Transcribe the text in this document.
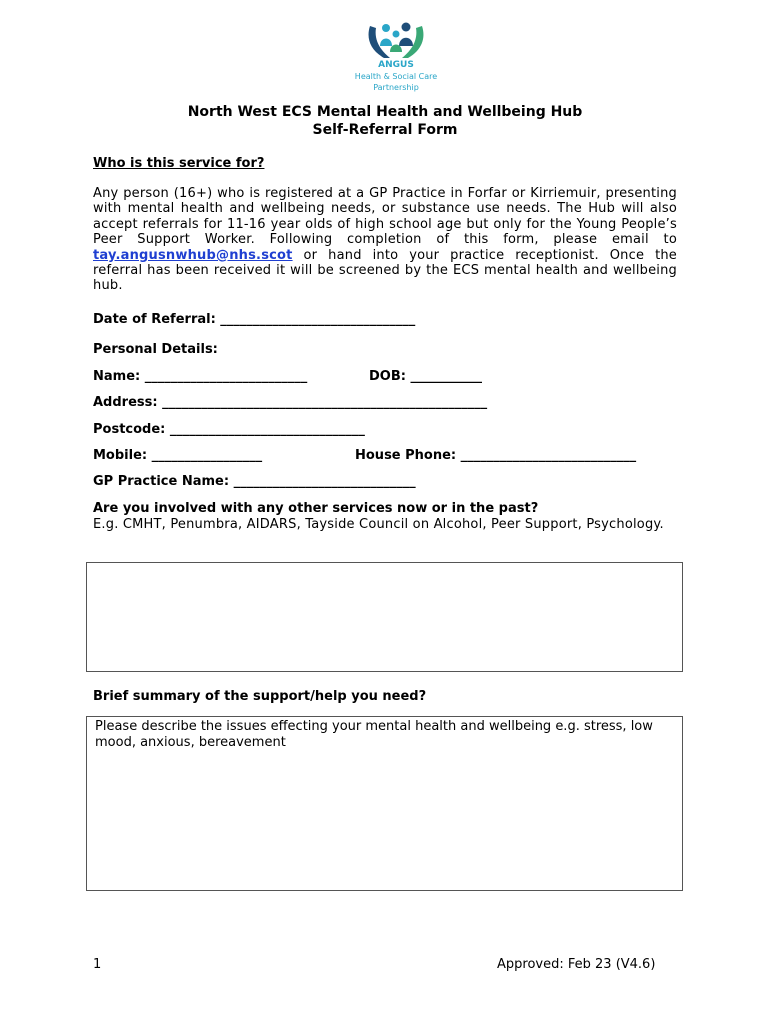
ANGUS
Health & Social Care
Partnership
North West ECS Mental Health and Wellbeing Hub
Self-Referral Form
Who is this service for?
Any person (16+) who is registered at a GP Practice in Forfar or Kirriemuir, presenting with mental health and wellbeing needs, or substance use needs. The Hub will also accept referrals for 11-16 year olds of high school age but only for the Young People’s Peer Support Worker. Following completion of this form, please email to tay.angusnwhub@nhs.scot or hand into your practice receptionist. Once the referral has been received it will be screened by the ECS mental health and wellbeing hub.
Date of Referral: ______________________________
Personal Details:
Name: _________________________	DOB: ___________
Address: __________________________________________________
Postcode: ______________________________
Mobile: _________________	House Phone: ___________________________
GP Practice Name: ____________________________
Are you involved with any other services now or in the past?
E.g. CMHT, Penumbra, AIDARS, Tayside Council on Alcohol, Peer Support, Psychology.
Brief summary of the support/help you need?
Please describe the issues effecting your mental health and wellbeing e.g. stress, low mood, anxious, bereavement
1	Approved: Feb 23 (V4.6)
